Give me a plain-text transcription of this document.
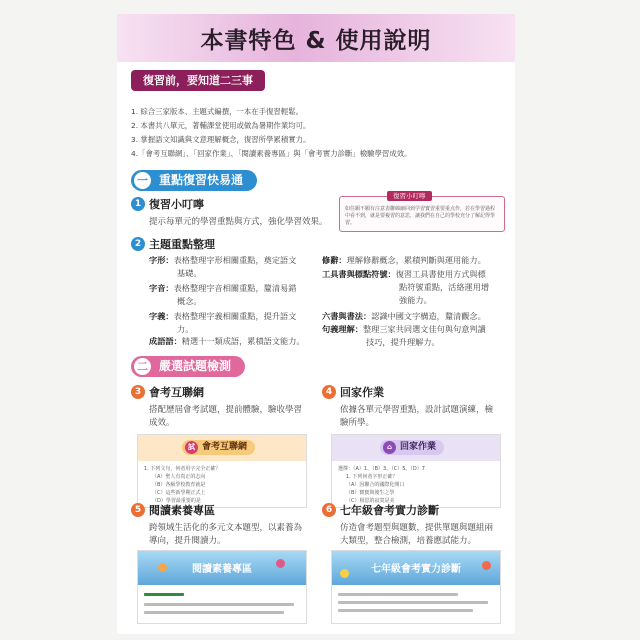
本書特色 & 使用說明
復習前，要知道二三事
1. 綜合三家版本、主題式編撰，一本在手復習輕鬆。
2. 本書共八單元，著輔課堂使用或做為暑期作業均可。
3. 掌握語文知識與文意理解概念，復習所學累積實力。
4.「會考互聯網」、「回家作業」、「閱讀素養專區」與「會考實力診斷」檢驗學習成效。
一 重點復習快易通
1 復習小叮嚀
提示每單元的學習重點與方式，強化學習效果。
復習小叮嚀
如住願不願有注意表聯綿縮回到学習寶習重要重点作，若在學習過程中看不到，就是要複習的意思，讓我們在自己的學校充分了解記得學習。
2 主題重點整理
字形：表格整理字形相關重點，奠定語文
基礎。
字音：表格整理字音相關重點，釐清易錯
概念。
字義：表格整理字義相關重點，提升語文
力。
成語語：精選十一類成語，累積語文能力。
修辭：理解修辭概念，累積判斷與運用能力。
工具書與標點符號：復習工具書使用方式與標
點符號重點，活絡運用增
強能力。
六書與書法：認識中國文字構造，釐清觀念。
句義理解：整理三家共同選文佳句與句意判讀
技巧，提升理解力。
二 嚴選試題檢測
3 會考互聯網
搭配歷屆會考試題，提前體驗，驗收學習
成效。
試 會考互聯網
1. 下列文句，何者用字完全正確？
（A）聖人有真正的志向
（B）各級學校教育就是
（C）這些新學期正式上
（D）學習最重要的是
4 回家作業
依據各單元學習重點，設計試題演練，檢
驗所學。
⌂ 回家作業
選擇：（A）1、（B）3、（C）5、（D）7
1. 下列何者字形正確？
（A）因聯合的國際化開口
（B）寶寶與後生之學
（C）相思的寂寞是美
5 閱讀素養專區
跨領域生活化的多元文本題型，以素養為
導向，提升閱讀力。
閱讀素養專區
6 七年級會考實力診斷
仿造會考題型與題數，提供單題與題組兩
大類型，整合檢測，培養應試能力。
七年級會考實力診斷
